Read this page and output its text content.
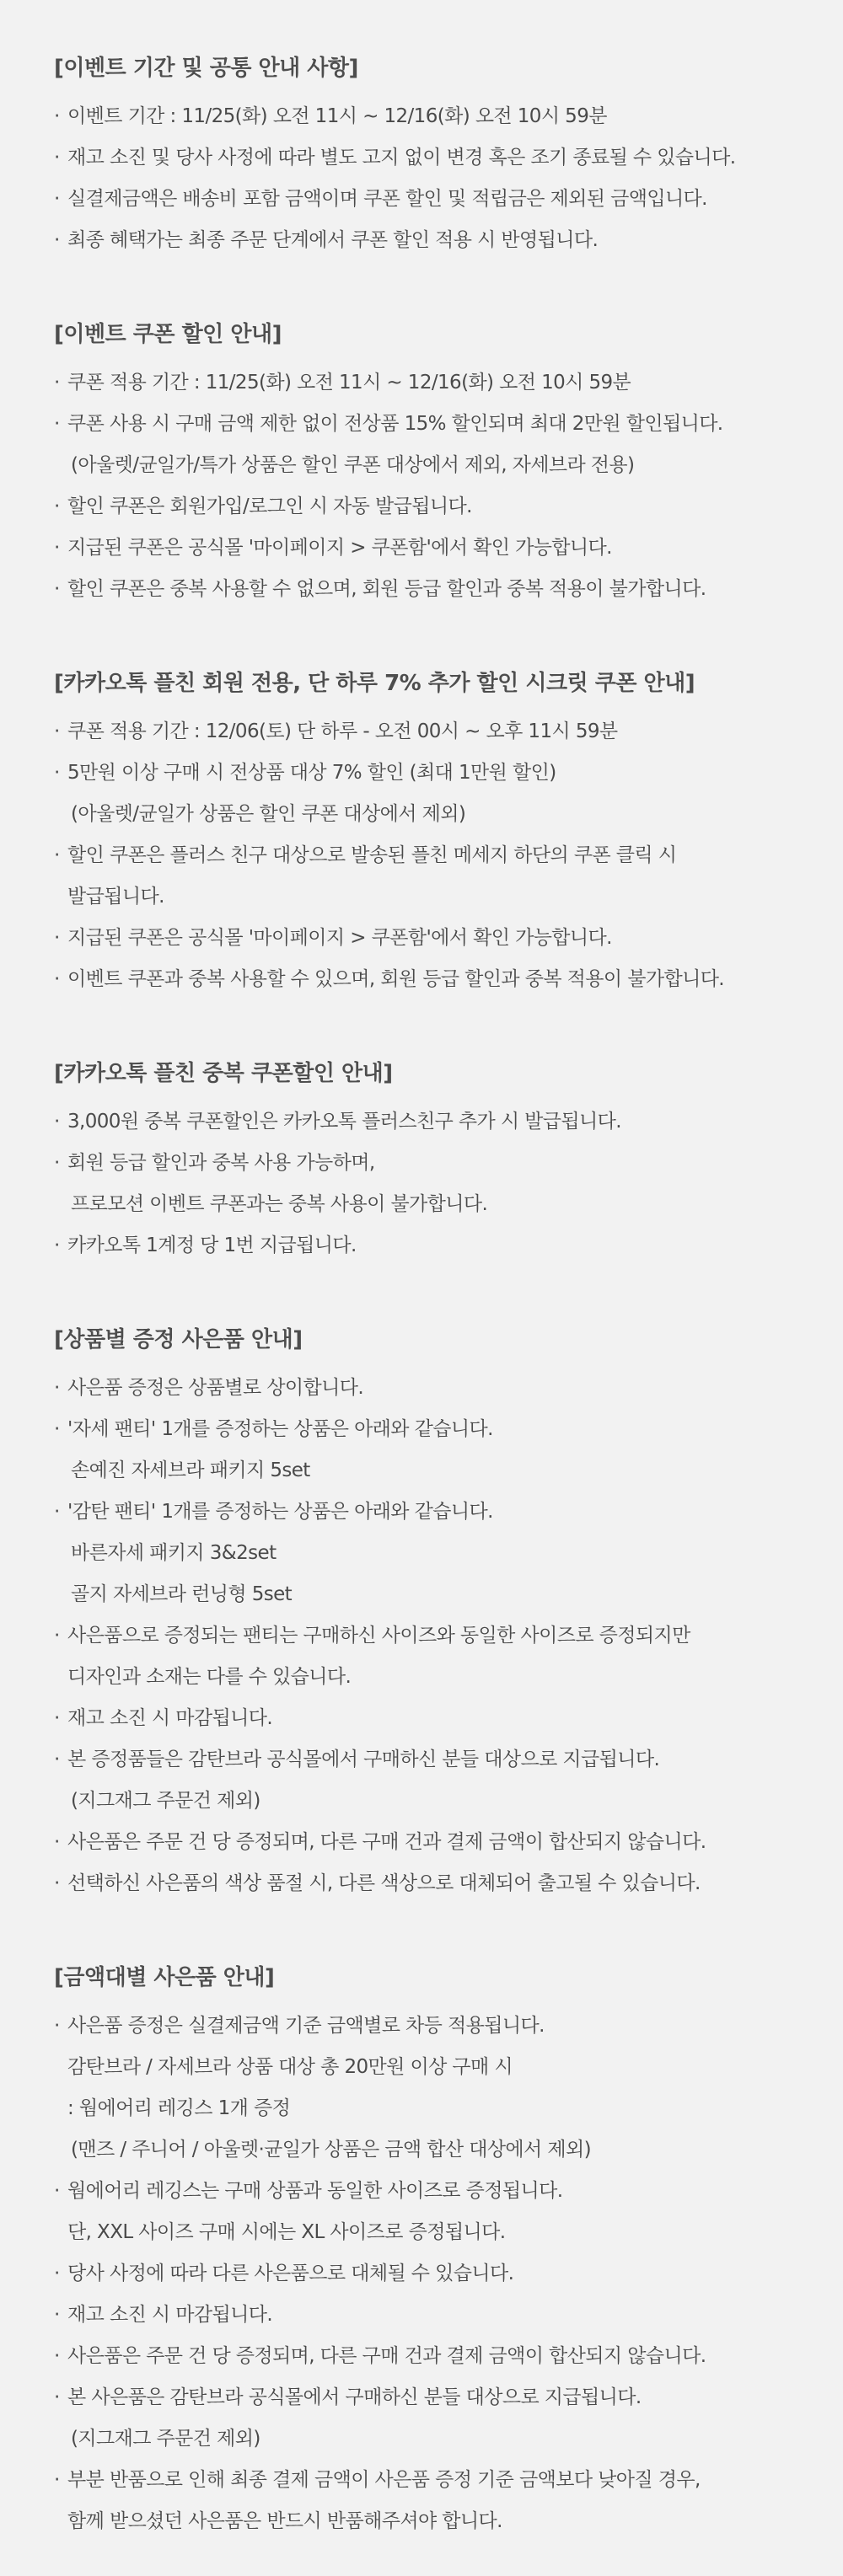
[이벤트 기간 및 공통 안내 사항]
· 이벤트 기간 : 11/25(화) 오전 11시 ~ 12/16(화) 오전 10시 59분
· 재고 소진 및 당사 사정에 따라 별도 고지 없이 변경 혹은 조기 종료될 수 있습니다.
· 실결제금액은 배송비 포함 금액이며 쿠폰 할인 및 적립금은 제외된 금액입니다.
· 최종 혜택가는 최종 주문 단계에서 쿠폰 할인 적용 시 반영됩니다.
[이벤트 쿠폰 할인 안내]
· 쿠폰 적용 기간 : 11/25(화) 오전 11시 ~ 12/16(화) 오전 10시 59분
· 쿠폰 사용 시 구매 금액 제한 없이 전상품 15% 할인되며 최대 2만원 할인됩니다.
(아울렛/균일가/특가 상품은 할인 쿠폰 대상에서 제외, 자세브라 전용)
· 할인 쿠폰은 회원가입/로그인 시 자동 발급됩니다.
· 지급된 쿠폰은 공식몰 '마이페이지 > 쿠폰함'에서 확인 가능합니다.
· 할인 쿠폰은 중복 사용할 수 없으며, 회원 등급 할인과 중복 적용이 불가합니다.
[카카오톡 플친 회원 전용, 단 하루 7% 추가 할인 시크릿 쿠폰 안내]
· 쿠폰 적용 기간 : 12/06(토) 단 하루 - 오전 00시 ~ 오후 11시 59분
· 5만원 이상 구매 시 전상품 대상 7% 할인 (최대 1만원 할인)
(아울렛/균일가 상품은 할인 쿠폰 대상에서 제외)
· 할인 쿠폰은 플러스 친구 대상으로 발송된 플친 메세지 하단의 쿠폰 클릭 시
발급됩니다.
· 지급된 쿠폰은 공식몰 '마이페이지 > 쿠폰함'에서 확인 가능합니다.
· 이벤트 쿠폰과 중복 사용할 수 있으며, 회원 등급 할인과 중복 적용이 불가합니다.
[카카오톡 플친 중복 쿠폰할인 안내]
· 3,000원 중복 쿠폰할인은 카카오톡 플러스친구 추가 시 발급됩니다.
· 회원 등급 할인과 중복 사용 가능하며,
프로모션 이벤트 쿠폰과는 중복 사용이 불가합니다.
· 카카오톡 1계정 당 1번 지급됩니다.
[상품별 증정 사은품 안내]
· 사은품 증정은 상품별로 상이합니다.
· '자세 팬티' 1개를 증정하는 상품은 아래와 같습니다.
손예진 자세브라 패키지 5set
· '감탄 팬티' 1개를 증정하는 상품은 아래와 같습니다.
바른자세 패키지 3&2set
골지 자세브라 런닝형 5set
· 사은품으로 증정되는 팬티는 구매하신 사이즈와 동일한 사이즈로 증정되지만
디자인과 소재는 다를 수 있습니다.
· 재고 소진 시 마감됩니다.
· 본 증정품들은 감탄브라 공식몰에서 구매하신 분들 대상으로 지급됩니다.
(지그재그 주문건 제외)
· 사은품은 주문 건 당 증정되며, 다른 구매 건과 결제 금액이 합산되지 않습니다.
· 선택하신 사은품의 색상 품절 시, 다른 색상으로 대체되어 출고될 수 있습니다.
[금액대별 사은품 안내]
· 사은품 증정은 실결제금액 기준 금액별로 차등 적용됩니다.
감탄브라 / 자세브라 상품 대상 총 20만원 이상 구매 시
: 웜에어리 레깅스 1개 증정
(맨즈 / 주니어 / 아울렛·균일가 상품은 금액 합산 대상에서 제외)
· 웜에어리 레깅스는 구매 상품과 동일한 사이즈로 증정됩니다.
단, XXL 사이즈 구매 시에는 XL 사이즈로 증정됩니다.
· 당사 사정에 따라 다른 사은품으로 대체될 수 있습니다.
· 재고 소진 시 마감됩니다.
· 사은품은 주문 건 당 증정되며, 다른 구매 건과 결제 금액이 합산되지 않습니다.
· 본 사은품은 감탄브라 공식몰에서 구매하신 분들 대상으로 지급됩니다.
(지그재그 주문건 제외)
· 부분 반품으로 인해 최종 결제 금액이 사은품 증정 기준 금액보다 낮아질 경우,
함께 받으셨던 사은품은 반드시 반품해주셔야 합니다.
